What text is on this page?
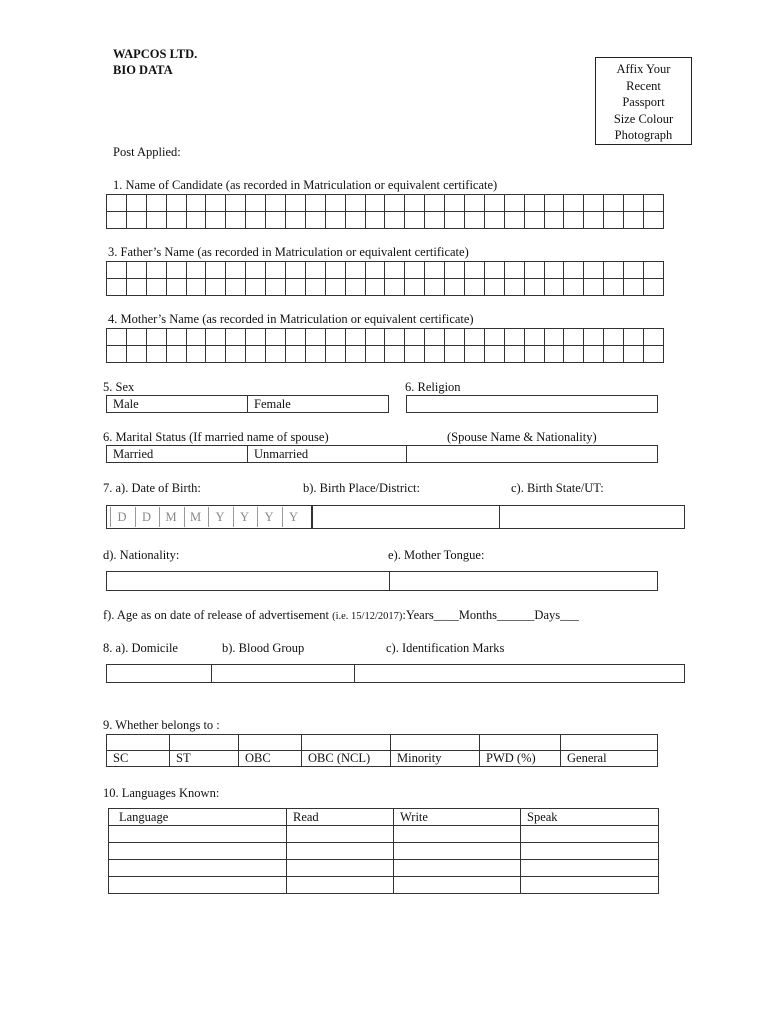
WAPCOS LTD.
BIO DATA	Affix Your
Recent
Passport
Size Colour
Photograph
Post Applied:
1. Name of Candidate (as recorded in Matriculation or equivalent certificate)

3. Father’s Name (as recorded in Matriculation or equivalent certificate)

4. Mother’s Name (as recorded in Matriculation or equivalent certificate)

5. Sex
Male	Female
6. Religion
6. Marital Status (If married name of spouse)	(Spouse Name & Nationality)
Married	Unmarried	
7. a). Date of Birth:	b). Birth Place/District:	c). Birth State/UT:
D	D	M	M	Y	Y	Y	Y
d). Nationality:	e). Mother Tongue:
f). Age as on date of release of advertisement (i.e. 15/12/2017):Years____Months______Days___
8. a). Domicile	b). Blood Group	c). Identification Marks

9. Whether belongs to :

SC	ST	OBC	OBC (NCL)	Minority	PWD (%)	General
10. Languages Known:
Language	Read	Write	Speak
